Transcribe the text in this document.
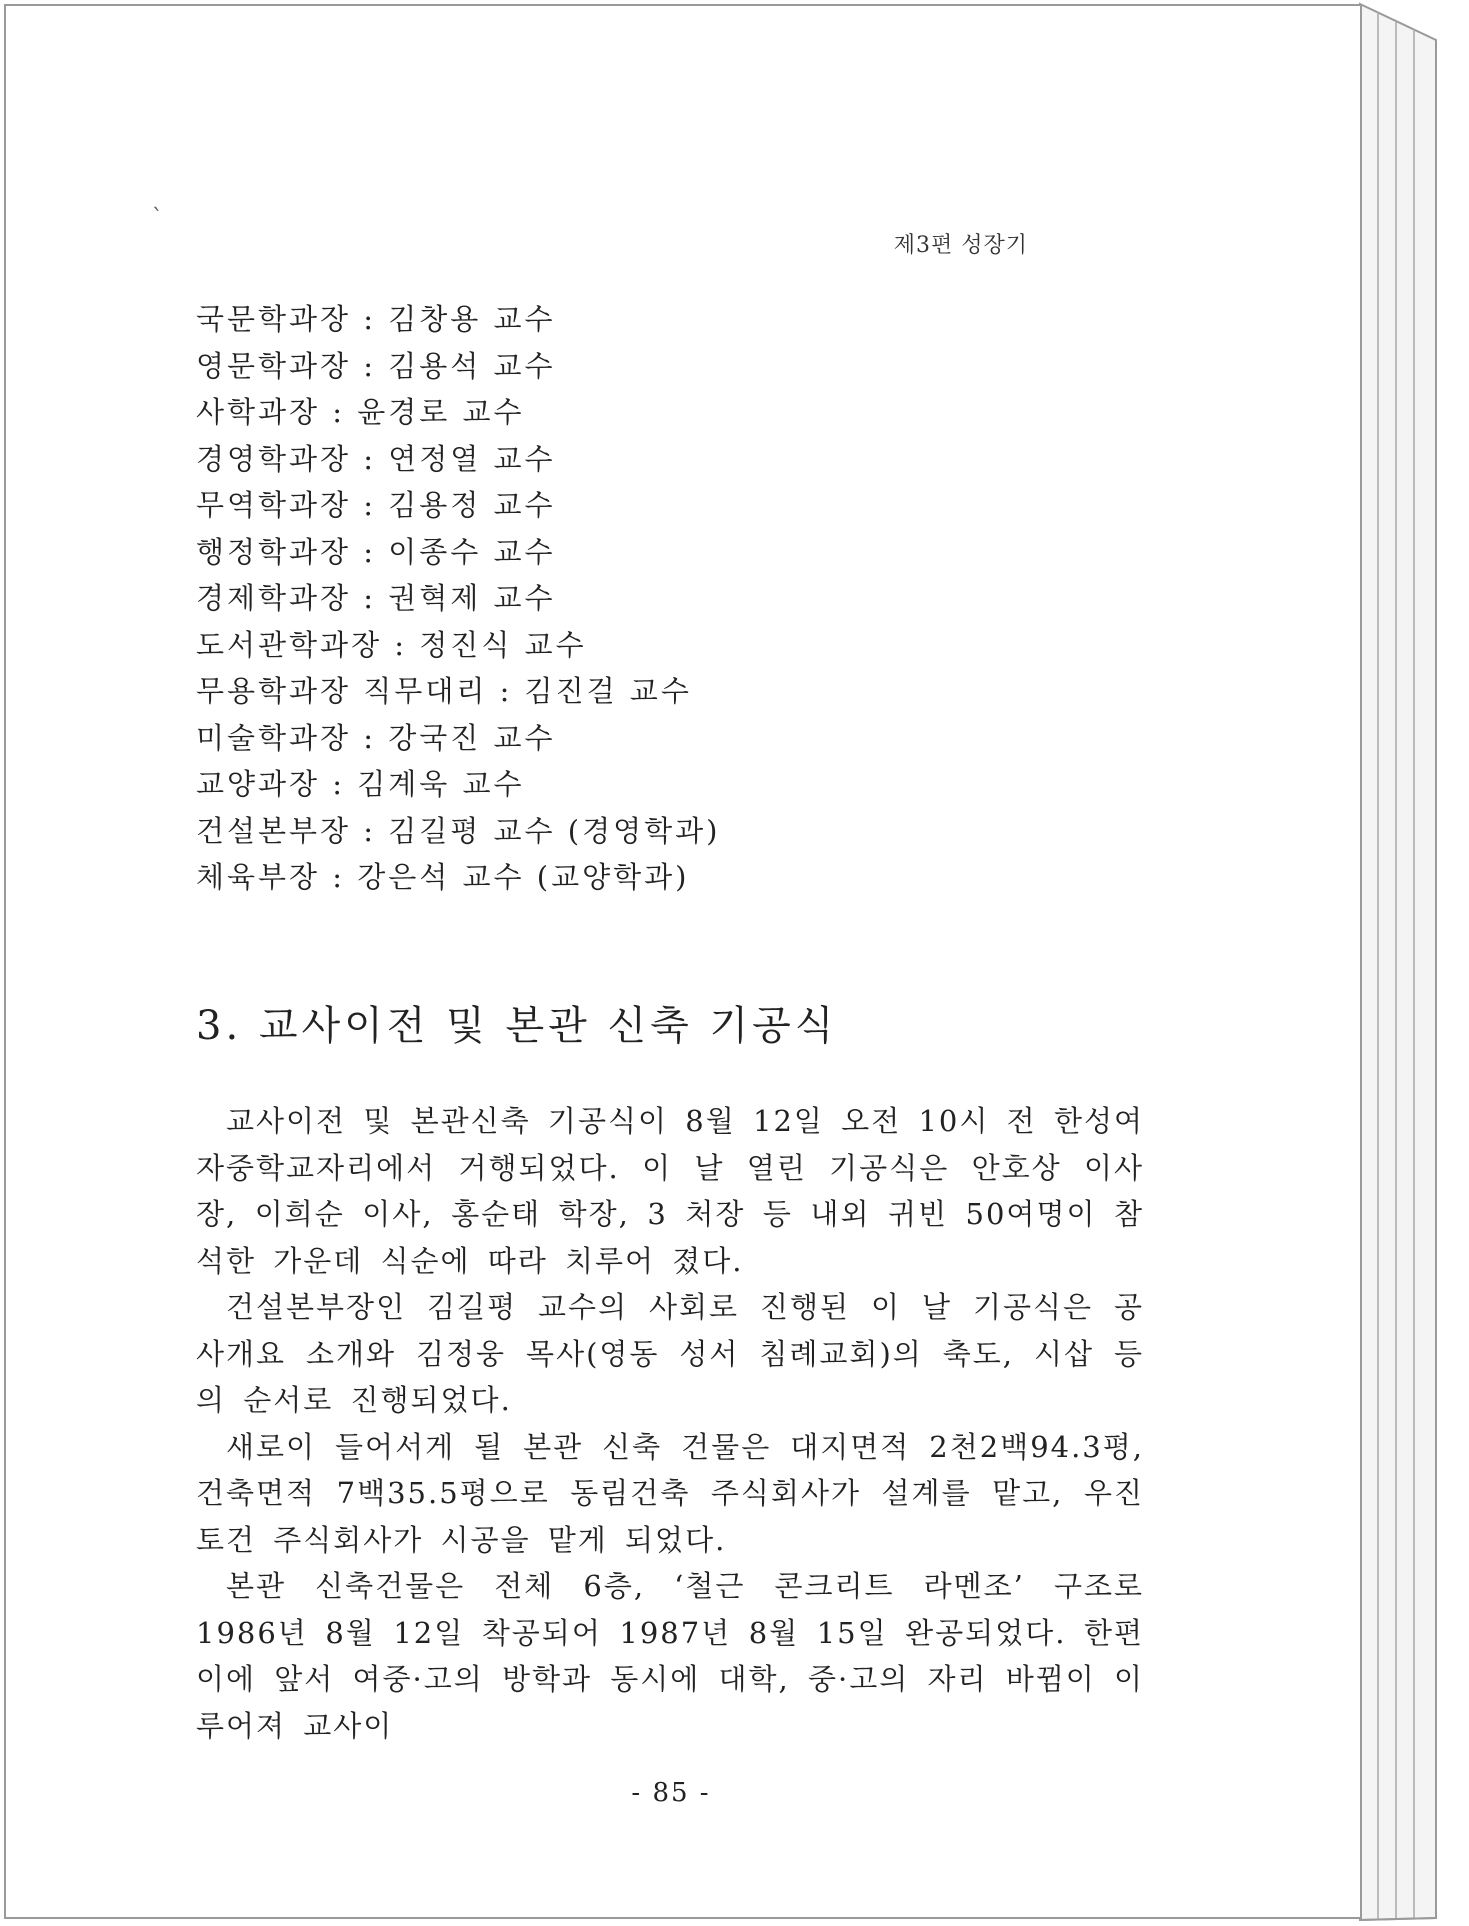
`
제3편 성장기
국문학과장 : 김창용 교수
영문학과장 : 김용석 교수
사학과장 : 윤경로 교수
경영학과장 : 연정열 교수
무역학과장 : 김용정 교수
행정학과장 : 이종수 교수
경제학과장 : 권혁제 교수
도서관학과장 : 정진식 교수
무용학과장 직무대리 : 김진걸 교수
미술학과장 : 강국진 교수
교양과장 : 김계욱 교수
건설본부장 : 김길평 교수 (경영학과)
체육부장 : 강은석 교수 (교양학과)
3. 교사이전 및 본관 신축 기공식

교사이전 및 본관신축 기공식이 8월 12일 오전 10시 전 한성여자중학교자리에서 거행되었다. 이 날 열린 기공식은 안호상 이사장, 이희순 이사, 홍순태 학장, 3 처장 등 내외 귀빈 50여명이 참석한 가운데 식순에 따라 치루어 졌다.

건설본부장인 김길평 교수의 사회로 진행된 이 날 기공식은 공사개요 소개와 김정웅 목사(영동 성서 침례교회)의 축도, 시삽 등의 순서로 진행되었다.

새로이 들어서게 될 본관 신축 건물은 대지면적 2천2백94.3평, 건축면적 7백35.5평으로 동림건축 주식회사가 설계를 맡고, 우진토건 주식회사가 시공을 맡게 되었다.

본관 신축건물은 전체 6층, ‘철근 콘크리트 라멘조’ 구조로 1986년 8월 12일 착공되어 1987년 8월 15일 완공되었다. 한편 이에 앞서 여중·고의 방학과 동시에 대학, 중·고의 자리 바뀜이 이루어져 교사이

- 85 -
